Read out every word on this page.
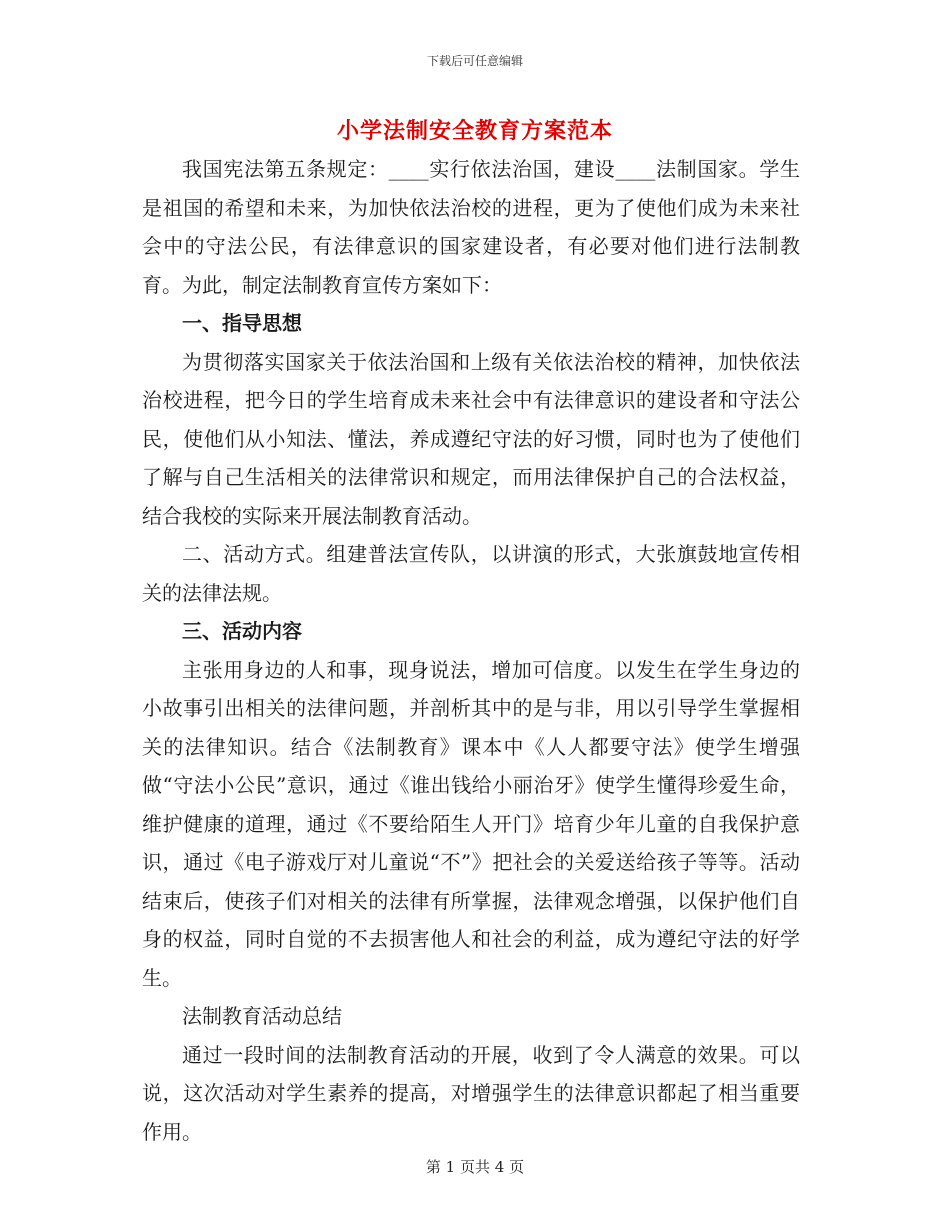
下载后可任意编辑
小学法制安全教育方案范本

我国宪法第五条规定：____实行依法治国，建设____法制国家。学生是祖国的希望和未来，为加快依法治校的进程，更为了使他们成为未来社会中的守法公民，有法律意识的国家建设者，有必要对他们进行法制教育。为此，制定法制教育宣传方案如下：

一、指导思想

为贯彻落实国家关于依法治国和上级有关依法治校的精神，加快依法治校进程，把今日的学生培育成未来社会中有法律意识的建设者和守法公民，使他们从小知法、懂法，养成遵纪守法的好习惯，同时也为了使他们了解与自己生活相关的法律常识和规定，而用法律保护自己的合法权益，结合我校的实际来开展法制教育活动。

二、活动方式。组建普法宣传队，以讲演的形式，大张旗鼓地宣传相关的法律法规。

三、活动内容

主张用身边的人和事，现身说法，增加可信度。以发生在学生身边的小故事引出相关的法律问题，并剖析其中的是与非，用以引导学生掌握相关的法律知识。结合《法制教育》课本中《人人都要守法》使学生增强做“守法小公民”意识，通过《谁出钱给小丽治牙》使学生懂得珍爱生命，维护健康的道理，通过《不要给陌生人开门》培育少年儿童的自我保护意识，通过《电子游戏厅对儿童说“不”》把社会的关爱送给孩子等等。活动结束后，使孩子们对相关的法律有所掌握，法律观念增强，以保护他们自身的权益，同时自觉的不去损害他人和社会的利益，成为遵纪守法的好学生。

法制教育活动总结

通过一段时间的法制教育活动的开展，收到了令人满意的效果。可以说，这次活动对学生素养的提高，对增强学生的法律意识都起了相当重要作用。

第 1 页共 4 页
